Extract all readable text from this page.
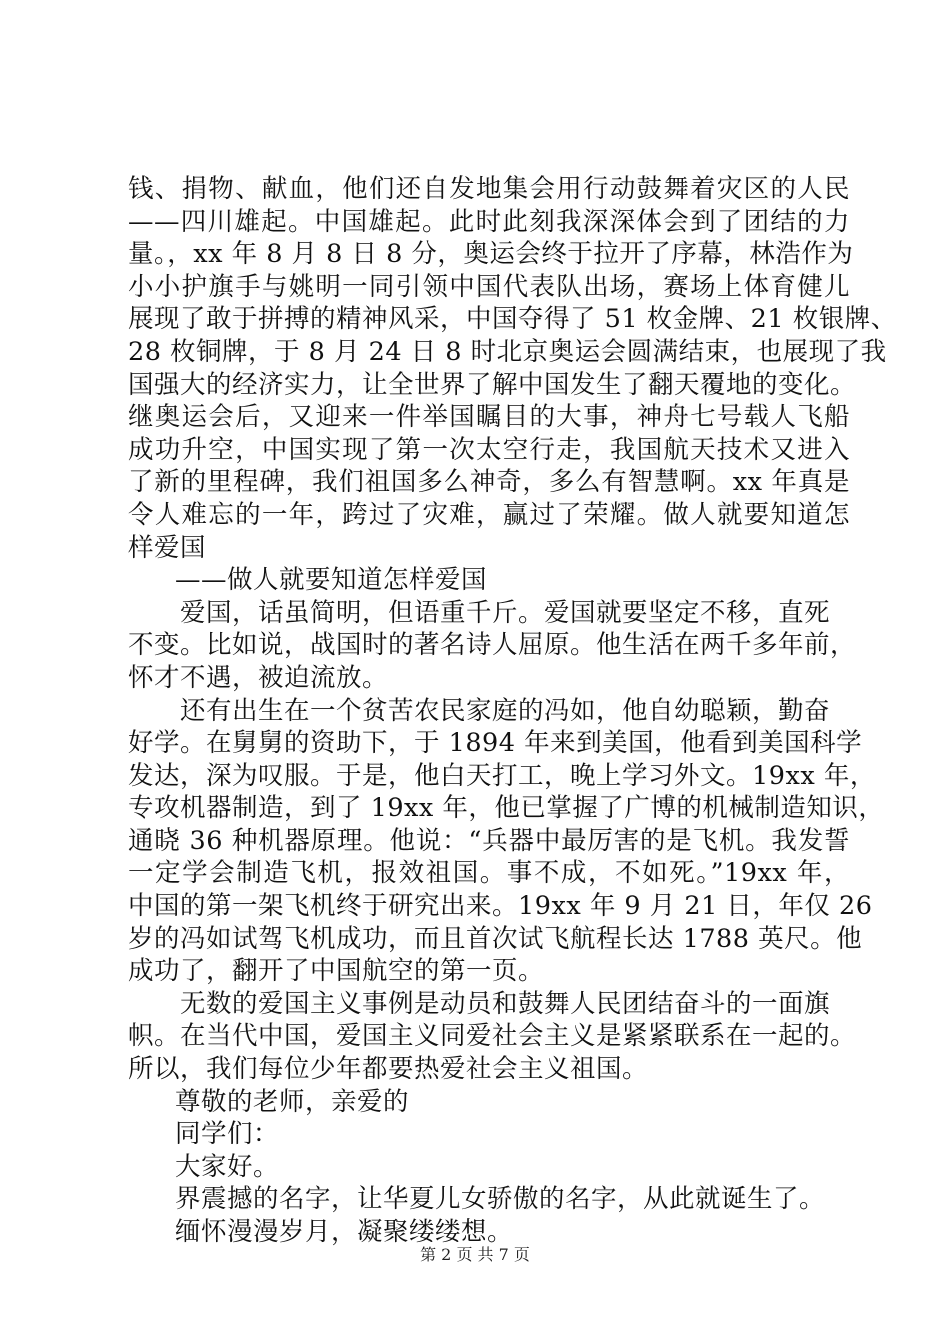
钱、捐物、献血，他们还自发地集会用行动鼓舞着灾区的人民
——四川雄起。中国雄起。此时此刻我深深体会到了团结的力
量。，xx 年 8 月 8 日 8 分，奥运会终于拉开了序幕，林浩作为
小小护旗手与姚明一同引领中国代表队出场，赛场上体育健儿
展现了敢于拼搏的精神风采，中国夺得了 51 枚金牌、21 枚银牌、
28 枚铜牌，于 8 月 24 日 8 时北京奥运会圆满结束，也展现了我
国强大的经济实力，让全世界了解中国发生了翻天覆地的变化。
继奥运会后，又迎来一件举国瞩目的大事，神舟七号载人飞船
成功升空，中国实现了第一次太空行走，我国航天技术又进入
了新的里程碑，我们祖国多么神奇，多么有智慧啊。xx 年真是
令人难忘的一年，跨过了灾难，赢过了荣耀。做人就要知道怎
样爱国
——做人就要知道怎样爱国
爱国，话虽简明，但语重千斤。爱国就要坚定不移，直死
不变。比如说，战国时的著名诗人屈原。他生活在两千多年前，
怀才不遇，被迫流放。
还有出生在一个贫苦农民家庭的冯如，他自幼聪颖，勤奋
好学。在舅舅的资助下，于 1894 年来到美国，他看到美国科学
发达，深为叹服。于是，他白天打工，晚上学习外文。19xx 年，
专攻机器制造，到了 19xx 年，他已掌握了广博的机械制造知识，
通晓 36 种机器原理。他说：“兵器中最厉害的是飞机。我发誓
一定学会制造飞机，报效祖国。事不成，不如死。”19xx 年，
中国的第一架飞机终于研究出来。19xx 年 9 月 21 日，年仅 26
岁的冯如试驾飞机成功，而且首次试飞航程长达 1788 英尺。他
成功了，翻开了中国航空的第一页。
无数的爱国主义事例是动员和鼓舞人民团结奋斗的一面旗
帜。在当代中国，爱国主义同爱社会主义是紧紧联系在一起的。
所以，我们每位少年都要热爱社会主义祖国。
尊敬的老师，亲爱的
同学们：
大家好。
界震撼的名字，让华夏儿女骄傲的名字，从此就诞生了。
缅怀漫漫岁月，凝聚缕缕想。
第 2 页 共 7 页
